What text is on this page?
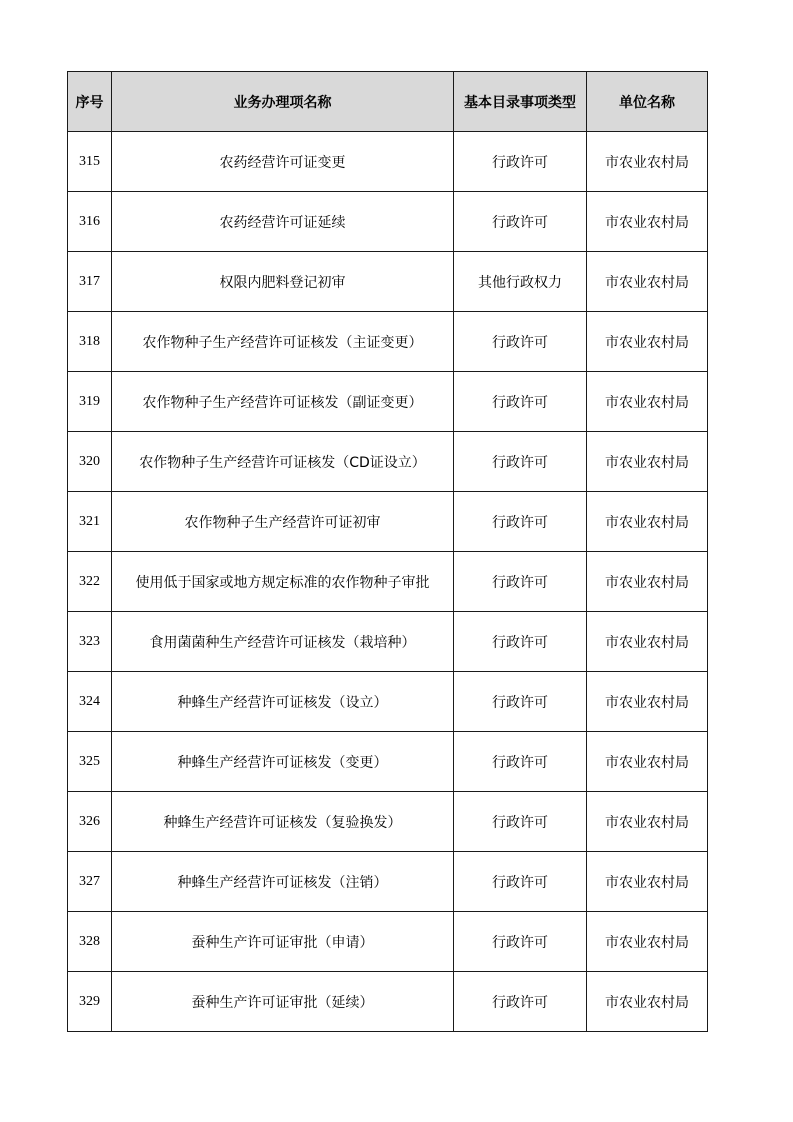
序号	业务办理项名称	基本目录事项类型	单位名称
315	农药经营许可证变更	行政许可	市农业农村局
316	农药经营许可证延续	行政许可	市农业农村局
317	权限内肥料登记初审	其他行政权力	市农业农村局
318	农作物种子生产经营许可证核发（主证变更）	行政许可	市农业农村局
319	农作物种子生产经营许可证核发（副证变更）	行政许可	市农业农村局
320	农作物种子生产经营许可证核发（CD证设立）	行政许可	市农业农村局
321	农作物种子生产经营许可证初审	行政许可	市农业农村局
322	使用低于国家或地方规定标准的农作物种子审批	行政许可	市农业农村局
323	食用菌菌种生产经营许可证核发（栽培种）	行政许可	市农业农村局
324	种蜂生产经营许可证核发（设立）	行政许可	市农业农村局
325	种蜂生产经营许可证核发（变更）	行政许可	市农业农村局
326	种蜂生产经营许可证核发（复验换发）	行政许可	市农业农村局
327	种蜂生产经营许可证核发（注销）	行政许可	市农业农村局
328	蚕种生产许可证审批（申请）	行政许可	市农业农村局
329	蚕种生产许可证审批（延续）	行政许可	市农业农村局
